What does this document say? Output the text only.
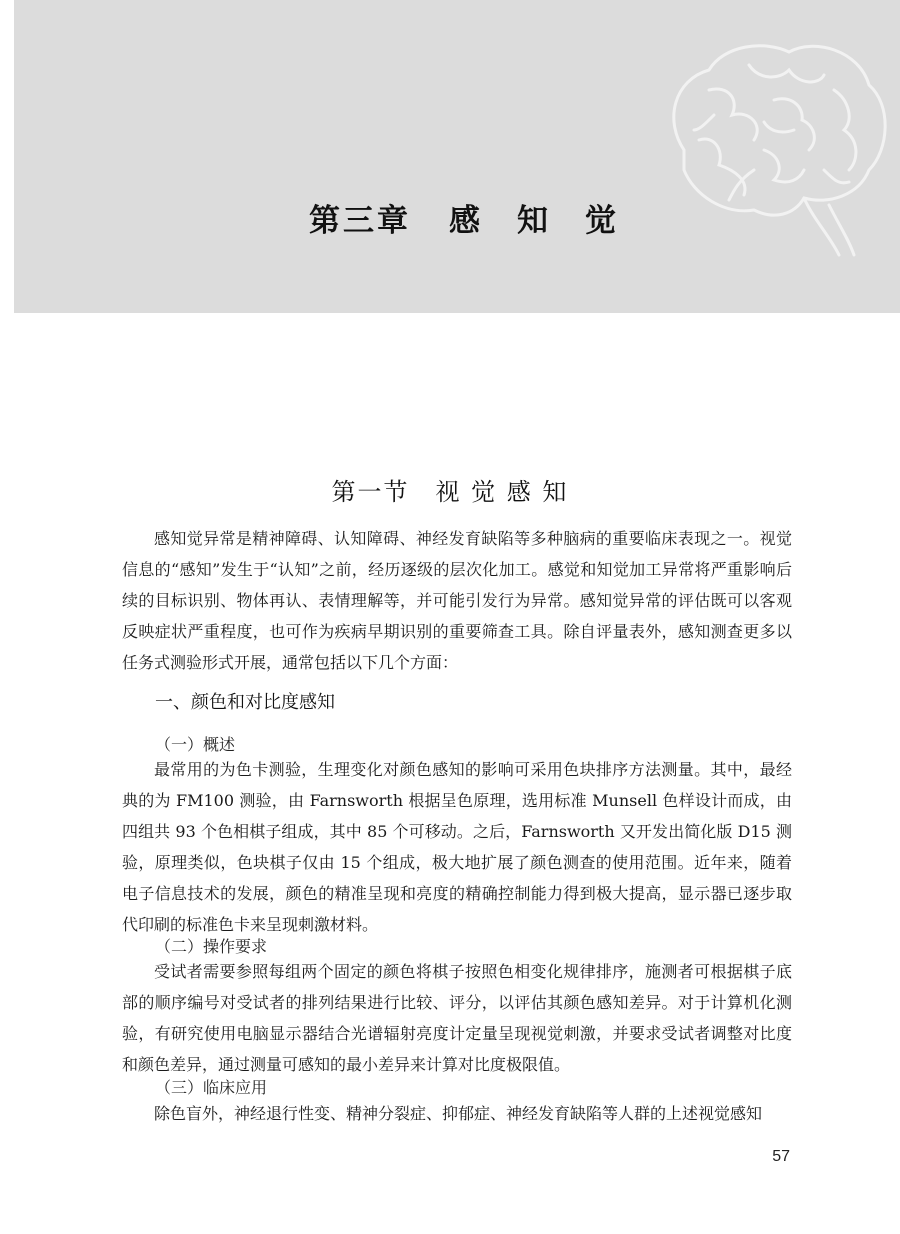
第三章 感　知　觉
第一节 视 觉 感 知

感知觉异常是精神障碍、认知障碍、神经发育缺陷等多种脑病的重要临床表现之一。视觉信息的“感知”发生于“认知”之前，经历逐级的层次化加工。感觉和知觉加工异常将严重影响后续的目标识别、物体再认、表情理解等，并可能引发行为异常。感知觉异常的评估既可以客观反映症状严重程度，也可作为疾病早期识别的重要筛查工具。除自评量表外，感知测查更多以任务式测验形式开展，通常包括以下几个方面：

一、颜色和对比度感知
（一）概述

最常用的为色卡测验，生理变化对颜色感知的影响可采用色块排序方法测量。其中，最经典的为 FM100 测验，由 Farnsworth 根据呈色原理，选用标准 Munsell 色样设计而成，由四组共 93 个色相棋子组成，其中 85 个可移动。之后，Farnsworth 又开发出简化版 D15 测验，原理类似，色块棋子仅由 15 个组成，极大地扩展了颜色测查的使用范围。近年来，随着电子信息技术的发展，颜色的精准呈现和亮度的精确控制能力得到极大提高，显示器已逐步取代印刷的标准色卡来呈现刺激材料。

（二）操作要求

受试者需要参照每组两个固定的颜色将棋子按照色相变化规律排序，施测者可根据棋子底部的顺序编号对受试者的排列结果进行比较、评分，以评估其颜色感知差异。对于计算机化测验，有研究使用电脑显示器结合光谱辐射亮度计定量呈现视觉刺激，并要求受试者调整对比度和颜色差异，通过测量可感知的最小差异来计算对比度极限值。

（三）临床应用

除色盲外，神经退行性变、精神分裂症、抑郁症、神经发育缺陷等人群的上述视觉感知

57
